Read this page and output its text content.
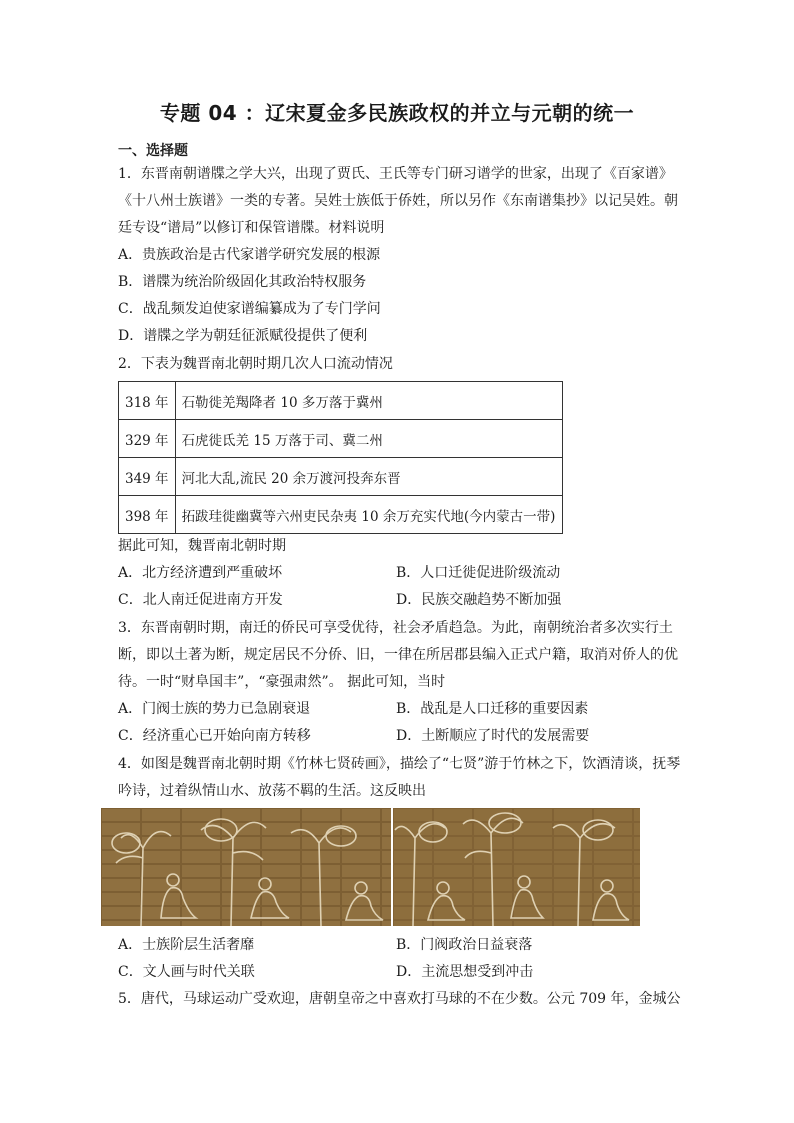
专题 04 ：辽宋夏金多民族政权的并立与元朝的统一
一、选择题
1．东晋南朝谱牒之学大兴，出现了贾氏、王氏等专门研习谱学的世家，出现了《百家谱》
《十八州士族谱》一类的专著。吴姓士族低于侨姓，所以另作《东南谱集抄》以记吴姓。朝
廷专设“谱局”以修订和保管谱牒。材料说明
A．贵族政治是古代家谱学研究发展的根源
B．谱牒为统治阶级固化其政治特权服务
C．战乱频发迫使家谱编纂成为了专门学问
D．谱牒之学为朝廷征派赋役提供了便利
2．下表为魏晋南北朝时期几次人口流动情况
318 年	石勒徙羌羯降者 10 多万落于冀州
329 年	石虎徙氐羌 15 万落于司、冀二州
349 年	河北大乱,流民 20 余万渡河投奔东晋
398 年	拓跋珪徙幽冀等六州吏民杂夷 10 余万充实代地(今内蒙古一带)
据此可知，魏晋南北朝时期
A．北方经济遭到严重破坏	B．人口迁徙促进阶级流动
C．北人南迁促进南方开发	D．民族交融趋势不断加强
3．东晋南朝时期，南迁的侨民可享受优待，社会矛盾趋急。为此，南朝统治者多次实行土
断，即以土著为断，规定居民不分侨、旧，一律在所居郡县编入正式户籍，取消对侨人的优
待。一时“财阜国丰”，“豪强肃然”。 据此可知，当时
A．门阀士族的势力已急剧衰退	B．战乱是人口迁移的重要因素
C．经济重心已开始向南方转移	D．土断顺应了时代的发展需要
4．如图是魏晋南北朝时期《竹林七贤砖画》，描绘了“七贤”游于竹林之下，饮酒清谈，抚琴
吟诗，过着纵情山水、放荡不羁的生活。这反映出
A．士族阶层生活奢靡	B．门阀政治日益衰落
C．文人画与时代关联	D．主流思想受到冲击
5．唐代，马球运动广受欢迎，唐朝皇帝之中喜欢打马球的不在少数。公元 709 年，金城公
